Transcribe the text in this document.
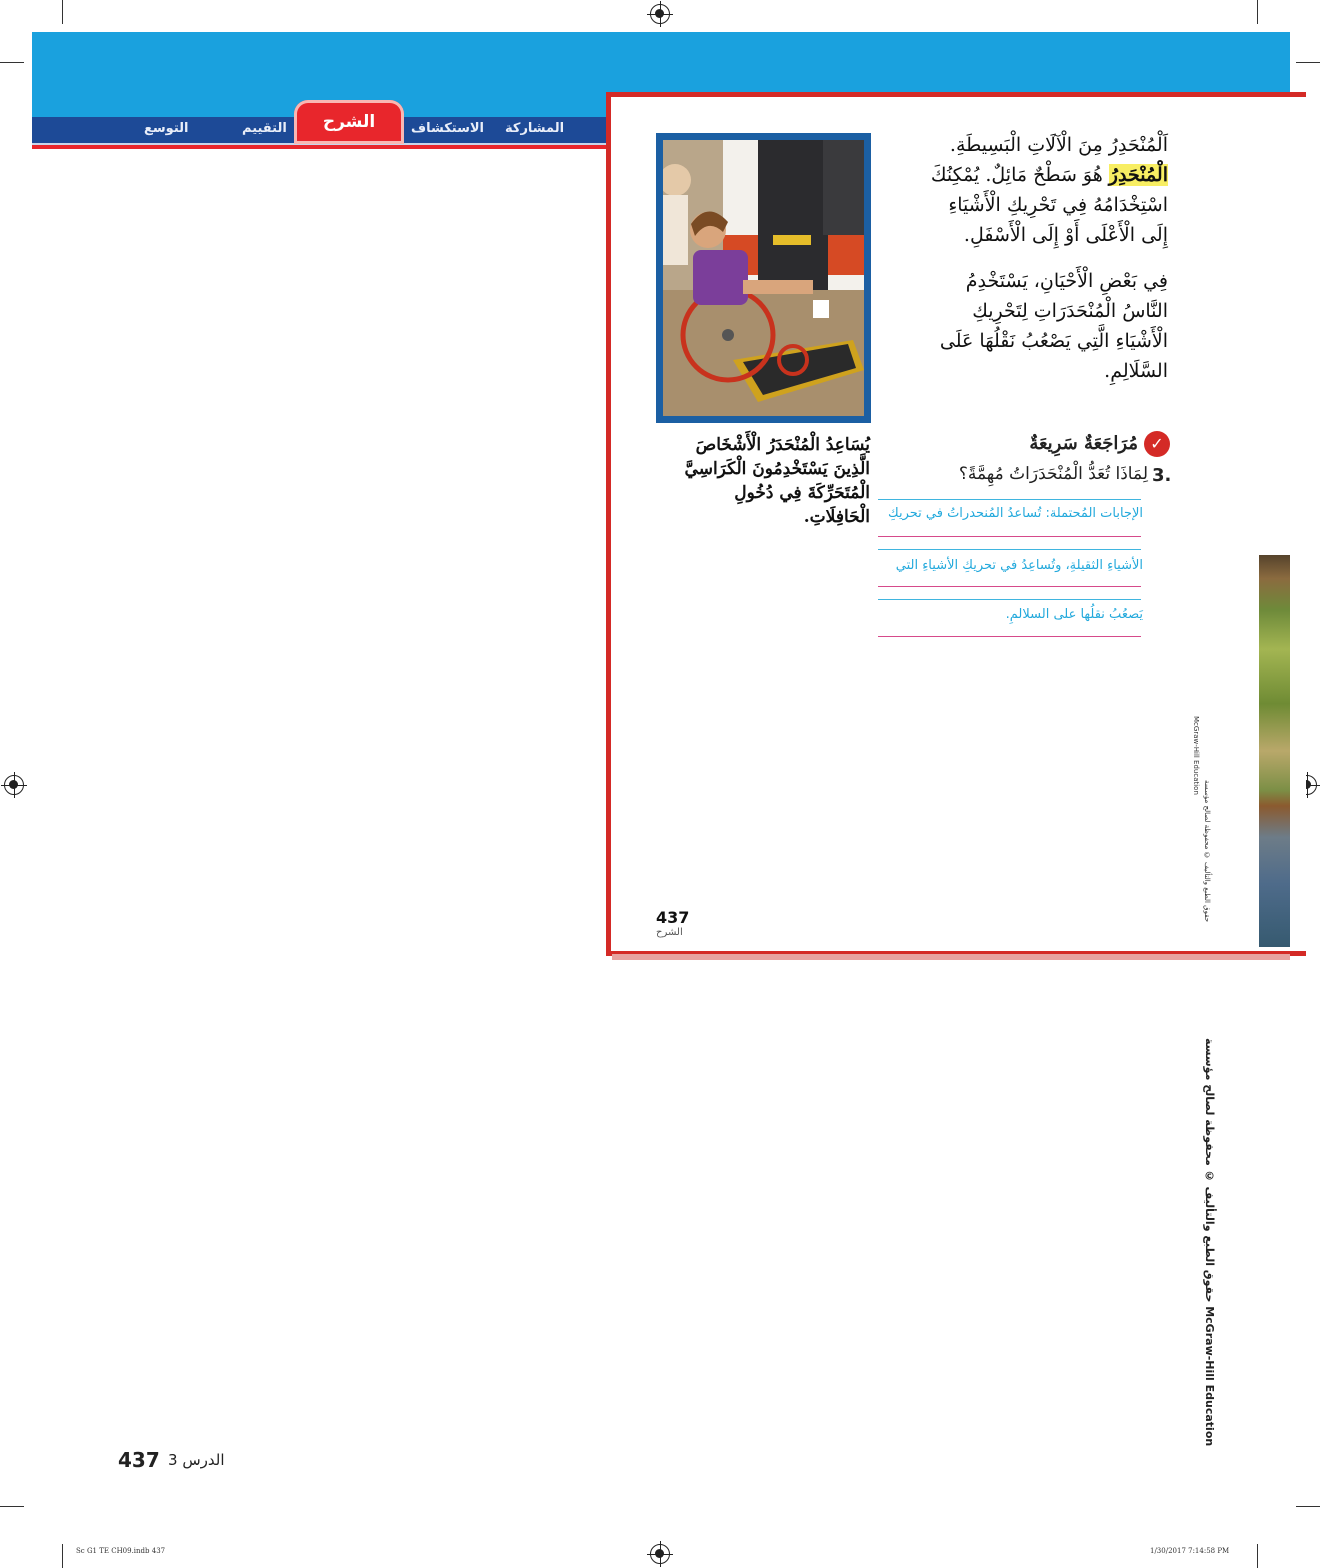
التوسع	التقييم	الشرح	الاستكشاف المشاركة
اَلْمُنْحَدِرُ مِنَ الْآلَاتِ الْبَسِيطَةِ.
الْمُنْحَدِرُ هُوَ سَطْحٌ مَائِلٌ. يُمْكِنُكَ اسْتِخْدَامُهُ فِي تَحْرِيكِ الْأَشْيَاءِ إِلَى الْأَعْلَى أَوْ إِلَى الْأَسْفَلِ.
فِي بَعْضِ الْأَحْيَانِ، يَسْتَخْدِمُ النَّاسُ الْمُنْحَدَرَاتِ لِتَحْرِيكِ الْأَشْيَاءِ الَّتِي يَصْعُبُ نَقْلُهَا عَلَى السَّلَالِمِ.
يُسَاعِدُ الْمُنْحَدَرُ الْأَشْخَاصَ الَّذِينَ يَسْتَخْدِمُونَ الْكَرَاسِيَّ الْمُتَحَرِّكَةَ فِي دُخُولِ الْحَافِلَاتِ.
✓
مُرَاجَعَةٌ سَرِيعَةٌ
3.
لِمَاذَا تُعَدُّ الْمُنْحَدَرَاتُ مُهِمَّةً؟
الإجابات المُحتملة: تُساعدُ المُنحدراتُ في تحريكِ
الأشياءِ الثقيلةِ، وتُساعِدُ في تحريكِ الأشياءِ التي
يَصعُبُ نقلُها على السلالمِ.
437
الشرح
McGraw-Hill Education
حقوق الطبع والتأليف © محفوظة لصالح مؤسسة
حقوق الطبع والتأليف © محفوظة لصالح مؤسسة McGraw-Hill Education
437 الدرس 3
Sc G1 TE CH09.indb 437	1/30/2017 7:14:58 PM
